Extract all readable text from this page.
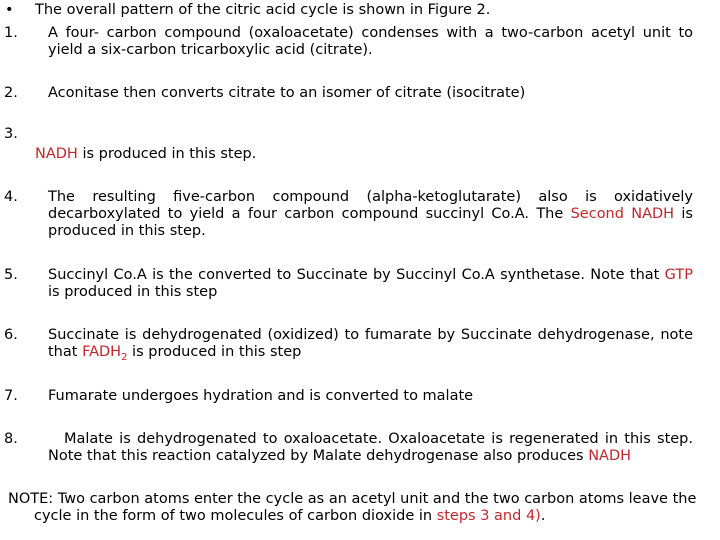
• The overall pattern of the citric acid cycle is shown in Figure 2.
1. A four- carbon compound (oxaloacetate) condenses with a two-carbon acetyl unit to yield a six-carbon tricarboxylic acid (citrate).
2. Aconitase then converts citrate to an isomer of citrate (isocitrate)
3.
NADH is produced in this step.
4. The resulting five-carbon compound (alpha-ketoglutarate) also is oxidatively decarboxylated to yield a four carbon compound succinyl Co.A. The Second NADH is produced in this step.
5. Succinyl Co.A is the converted to Succinate by Succinyl Co.A synthetase. Note that GTP is produced in this step
6. Succinate is dehydrogenated (oxidized) to fumarate by Succinate dehydrogenase, note that $FADH_2$ is produced in this step
7. Fumarate undergoes hydration and is converted to malate
8.	Malate is dehydrogenated to oxaloacetate. Oxaloacetate is regenerated in this step. Note that this reaction catalyzed by Malate dehydrogenase also produces NADH
NOTE: Two carbon atoms enter the cycle as an acetyl unit and the two carbon atoms leave the
cycle in the form of two molecules of carbon dioxide in steps 3 and 4).
